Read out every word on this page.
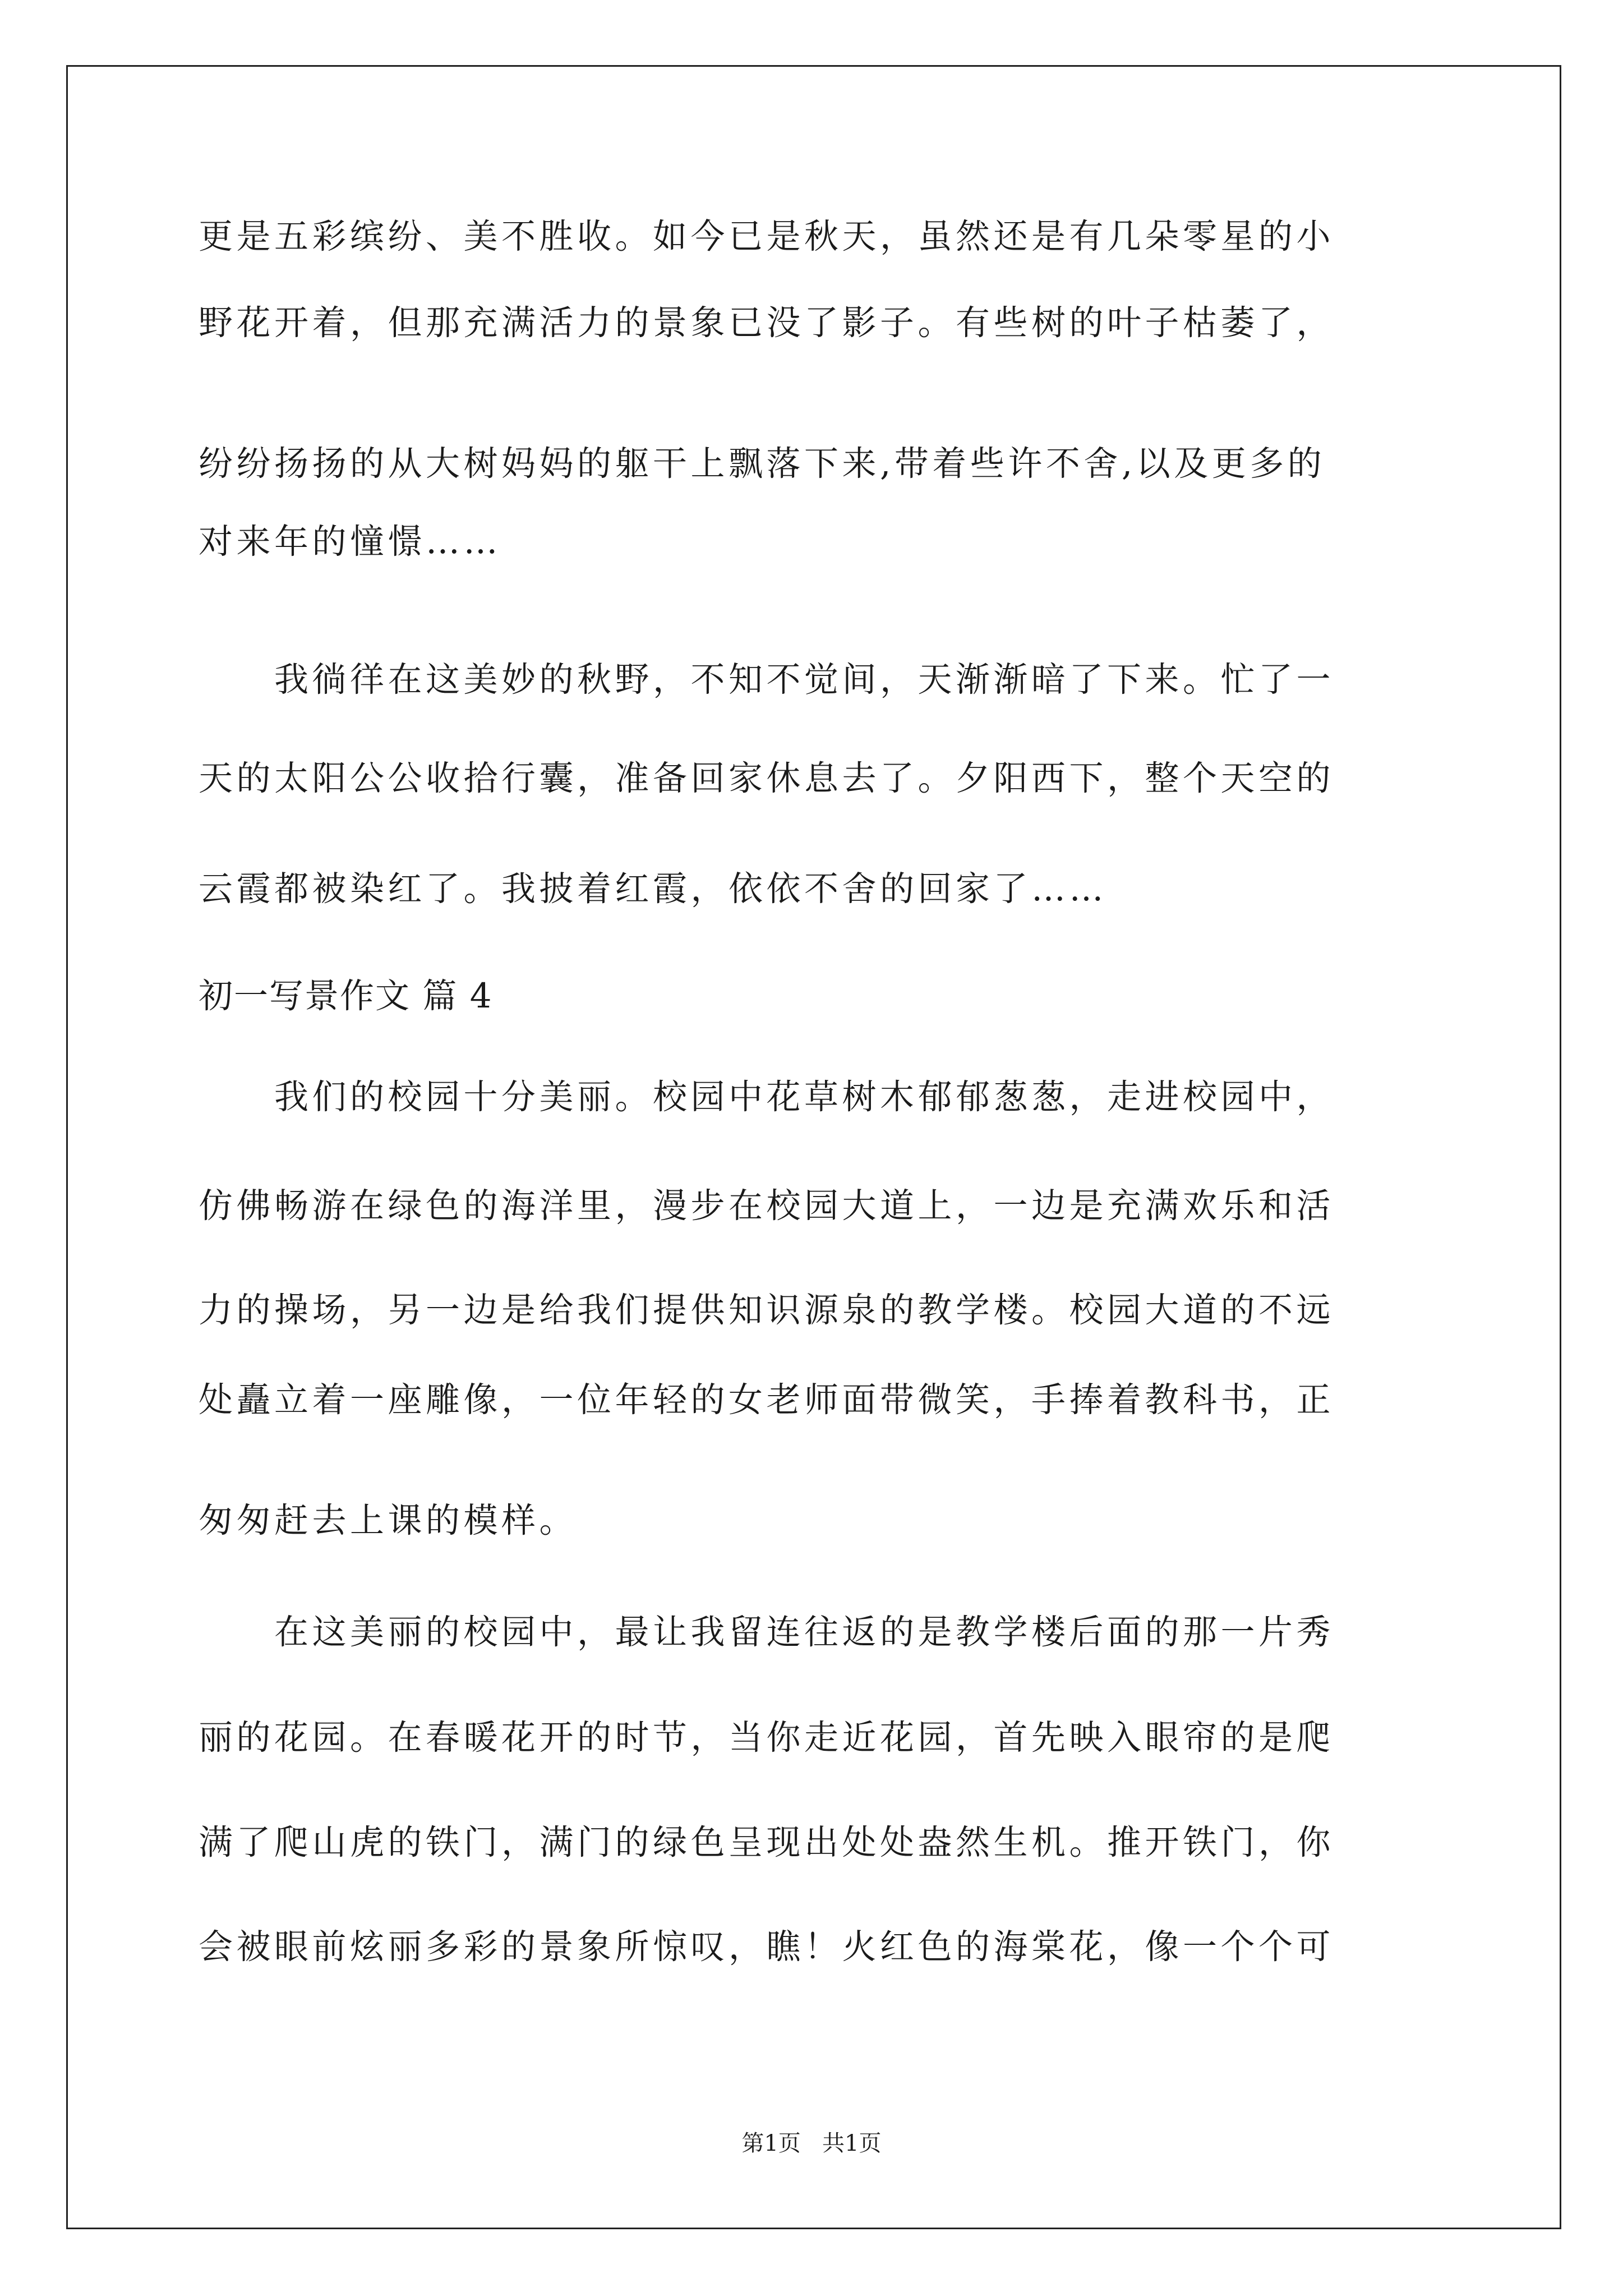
更是五彩缤纷、美不胜收。如今已是秋天，虽然还是有几朵零星的小
野花开着，但那充满活力的景象已没了影子。有些树的叶子枯萎了，
纷纷扬扬的从大树妈妈的躯干上飘落下来,带着些许不舍,以及更多的
对来年的憧憬……
　　我徜徉在这美妙的秋野，不知不觉间，天渐渐暗了下来。忙了一
天的太阳公公收拾行囊，准备回家休息去了。夕阳西下，整个天空的
云霞都被染红了。我披着红霞，依依不舍的回家了……
初一写景作文 篇 4
　　我们的校园十分美丽。校园中花草树木郁郁葱葱，走进校园中，
仿佛畅游在绿色的海洋里，漫步在校园大道上，一边是充满欢乐和活
力的操场，另一边是给我们提供知识源泉的教学楼。校园大道的不远
处矗立着一座雕像，一位年轻的女老师面带微笑，手捧着教科书，正
匆匆赶去上课的模样。
　　在这美丽的校园中，最让我留连往返的是教学楼后面的那一片秀
丽的花园。在春暖花开的时节，当你走近花园，首先映入眼帘的是爬
满了爬山虎的铁门，满门的绿色呈现出处处盎然生机。推开铁门，你
会被眼前炫丽多彩的景象所惊叹，瞧！火红色的海棠花，像一个个可
第1页   共1页
